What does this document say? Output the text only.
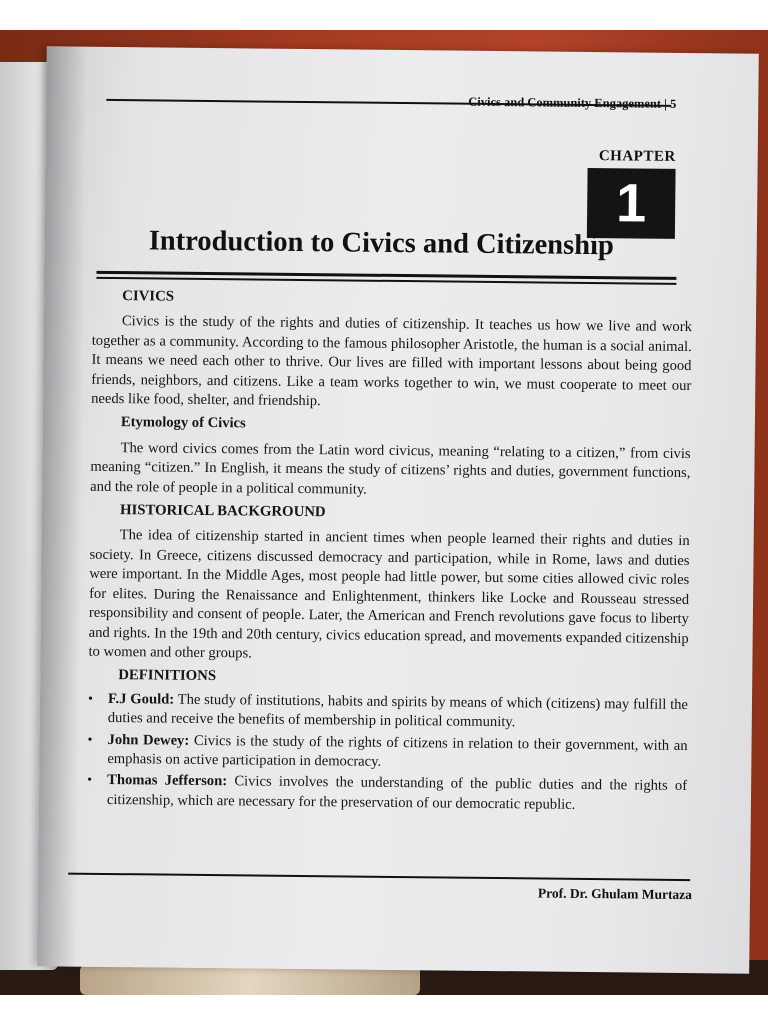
Civics and Community Engagement | 5
CHAPTER
1
Introduction to Civics and Citizenship

CIVICS

Civics is the study of the rights and duties of citizenship. It teaches us how we live and work together as a community. According to the famous philosopher Aristotle, the human is a social animal. It means we need each other to thrive. Our lives are filled with important lessons about being good friends, neighbors, and citizens. Like a team works together to win, we must cooperate to meet our needs like food, shelter, and friendship.

Etymology of Civics

The word civics comes from the Latin word civicus, meaning “relating to a citizen,” from civis meaning “citizen.” In English, it means the study of citizens’ rights and duties, government functions, and the role of people in a political community.

HISTORICAL BACKGROUND

The idea of citizenship started in ancient times when people learned their rights and duties in society. In Greece, citizens discussed democracy and participation, while in Rome, laws and duties were important. In the Middle Ages, most people had little power, but some cities allowed civic roles for elites. During the Renaissance and Enlightenment, thinkers like Locke and Rousseau stressed responsibility and consent of people. Later, the American and French revolutions gave focus to liberty and rights. In the 19th and 20th century, civics education spread, and movements expanded citizenship to women and other groups.

DEFINITIONS

• F.J Gould: The study of institutions, habits and spirits by means of which (citizens) may fulfill the duties and receive the benefits of membership in political community.
• John Dewey: Civics is the study of the rights of citizens in relation to their government, with an emphasis on active participation in democracy.
• Thomas Jefferson: Civics involves the understanding of the public duties and the rights of citizenship, which are necessary for the preservation of our democratic republic.
Prof. Dr. Ghulam Murtaza
